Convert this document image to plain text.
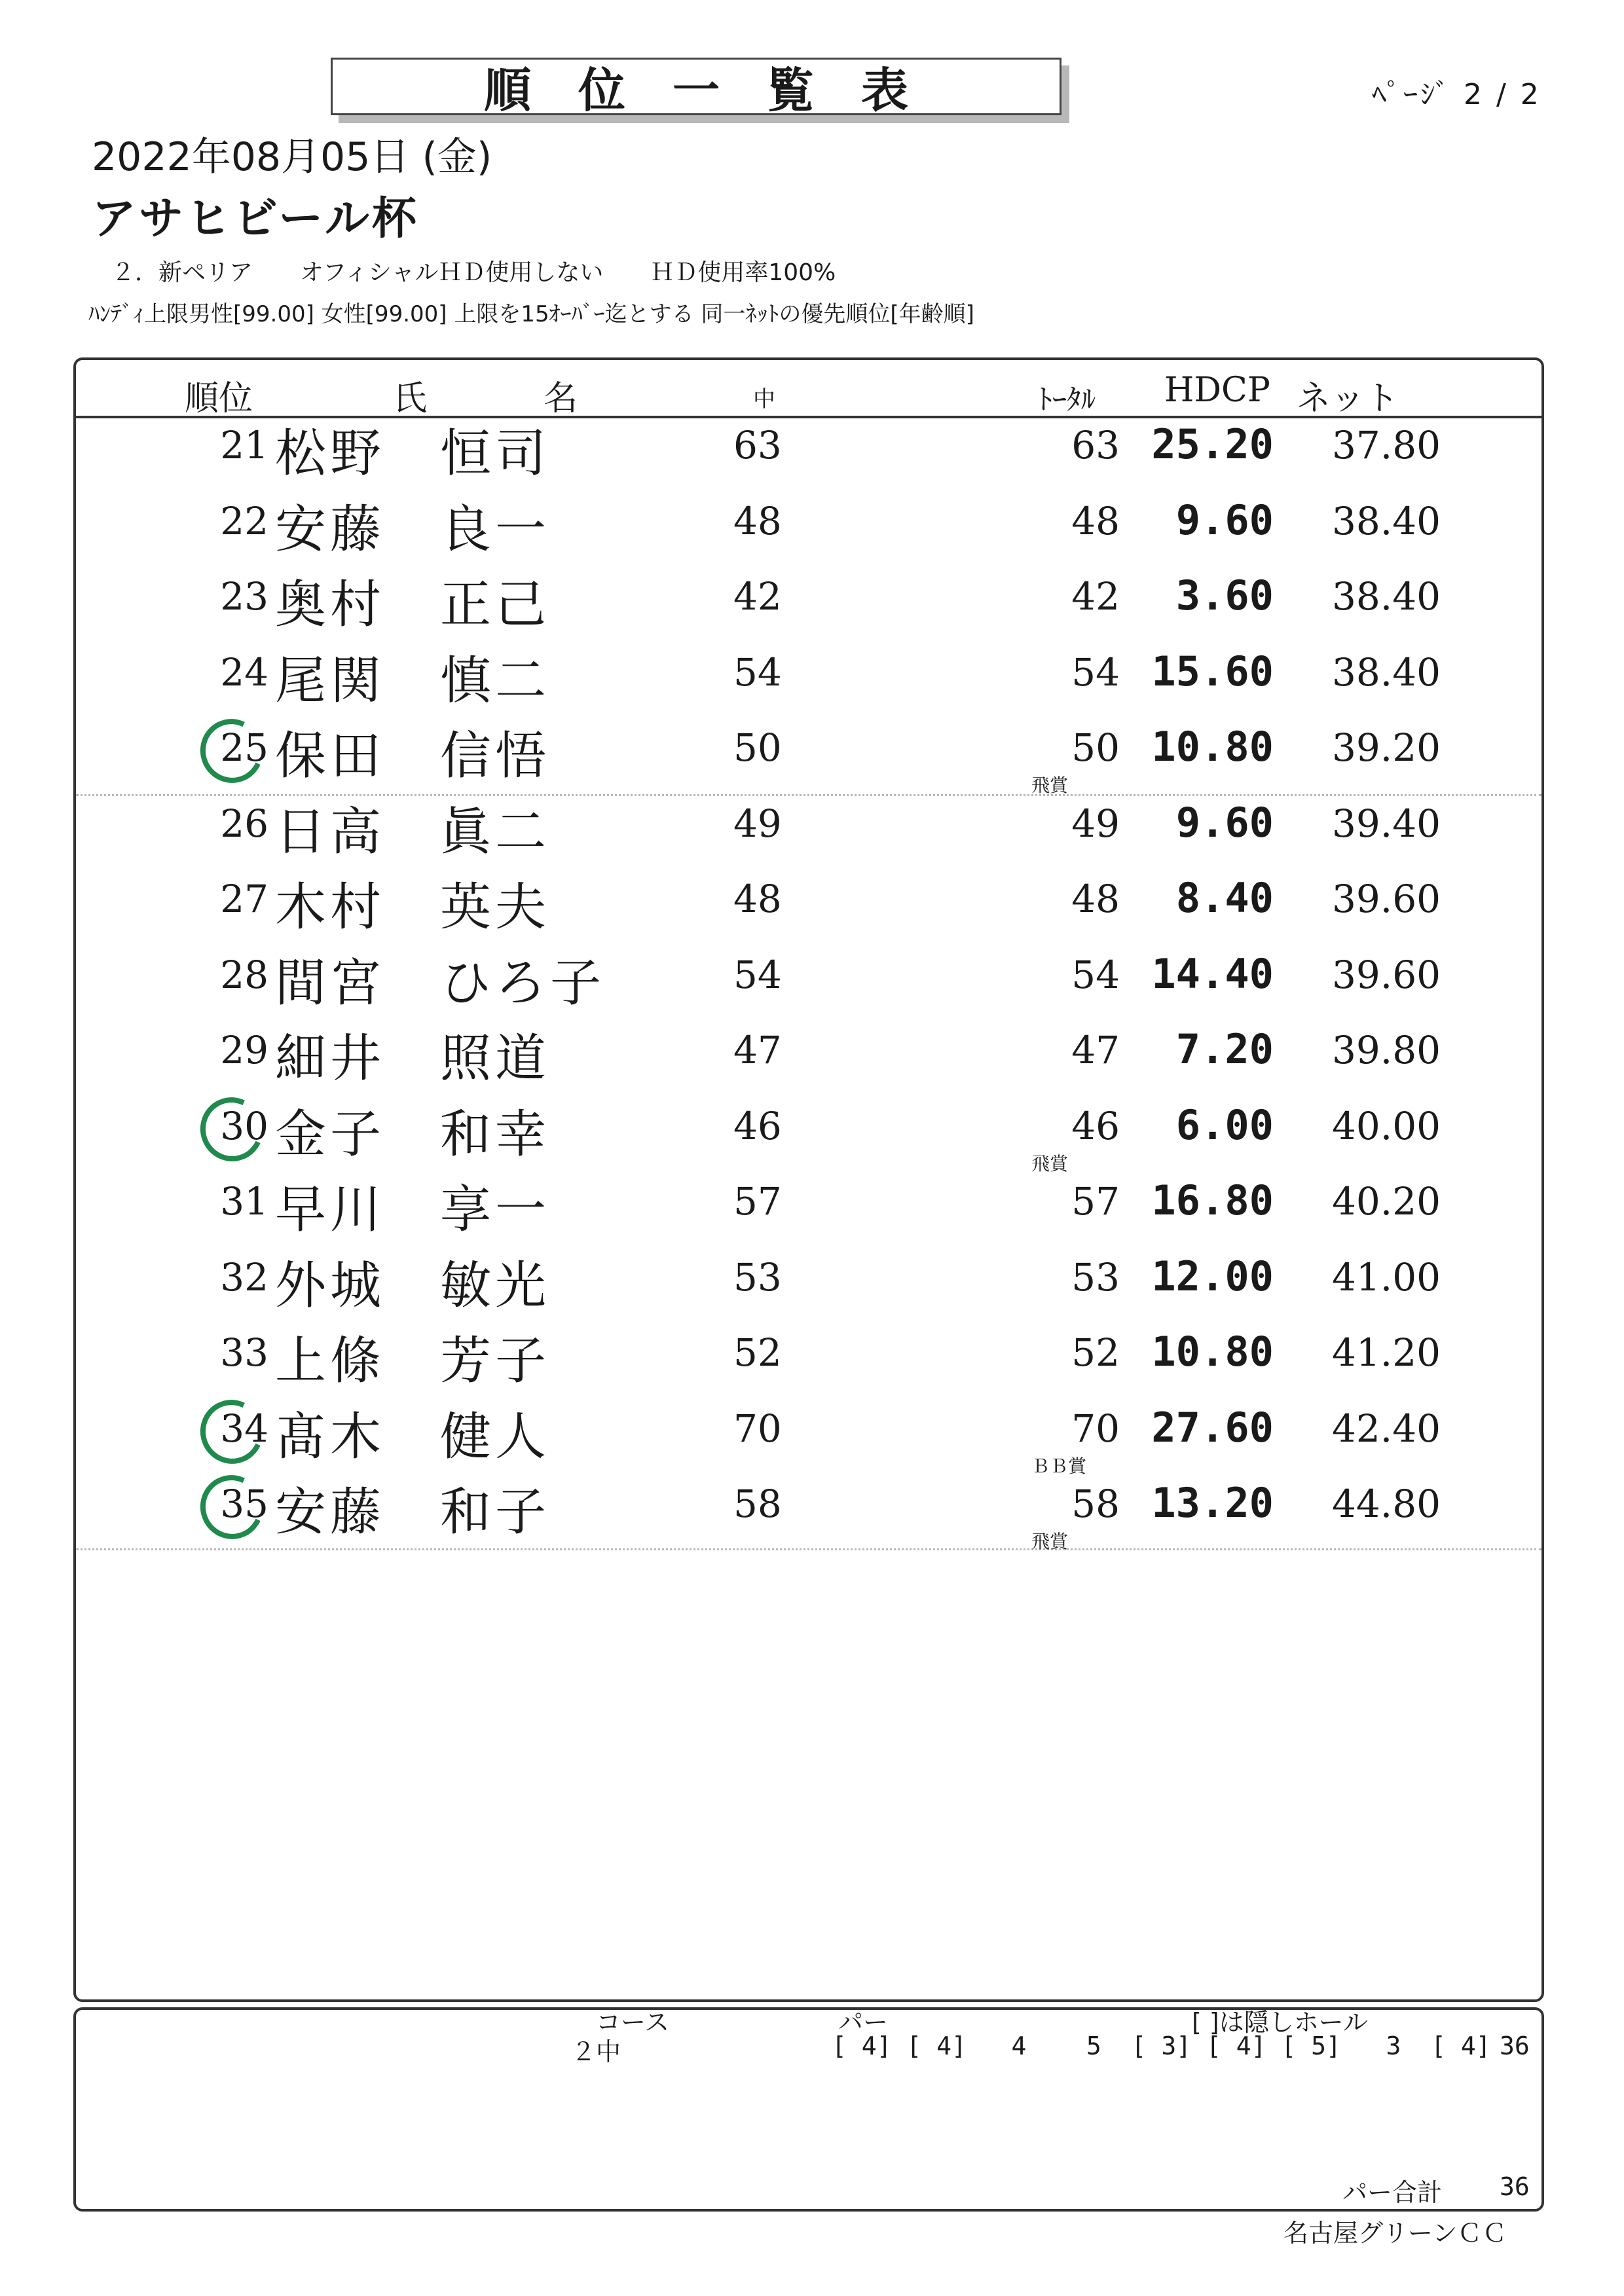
順位一覧表	ﾍﾟｰｼﾞ 2 / 2
2022年08月05日 (金)
アサヒビール杯
２．新ペリア　　オフィシャルＨＤ使用しない　　ＨＤ使用率100%
ﾊﾝﾃﾞｨ上限男性[99.00] 女性[99.00] 上限を15ｵｰﾊﾞｰ迄とする 同一ﾈｯﾄの優先順位[年齢順]
順位	氏	名	中	ﾄｰﾀﾙ HDCP ネット
21 松野 恒司	63	63 25.20	37.80
22 安藤 良一	48	48	9.60	38.40
23 奥村 正己	42	42	3.60	38.40
24 尾関 慎二	54	54 15.60	38.40
25 保田 信悟	50	50 10.80	39.20
飛賞
26 日高 眞二	49	49	9.60	39.40
27 木村 英夫	48	48	8.40	39.60
28 間宮 ひろ子	54	54 14.40	39.60
29 細井 照道	47	47	7.20	39.80
30 金子 和幸	46	46	6.00	40.00
飛賞
31 早川 享一	57	57 16.80	40.20
32 外城 敏光	53	53 12.00	41.00
33 上條 芳子	52	52 10.80	41.20
34 髙木 健人	70	70 27.60	42.40
ＢＢ賞
35 安藤 和子	58	58 13.20	44.80
飛賞
コース
２中
パー	[ ]は隠しホール
[ 4] [ 4]   4    5  [ 3] [ 4] [ 5]   3  [ 4] 36
パー合計 36
名古屋グリーンＣＣ
